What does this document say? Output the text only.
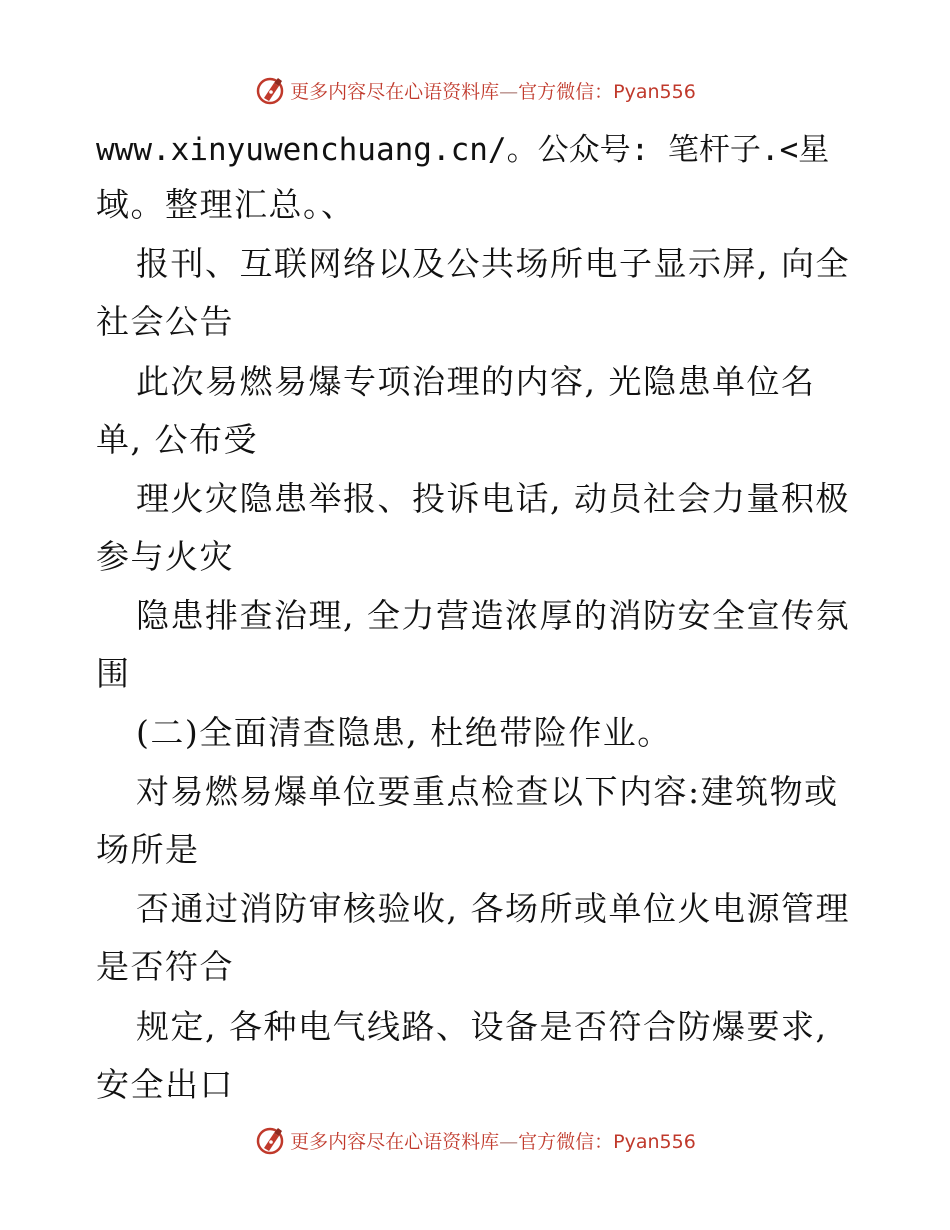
更多内容尽在心语资料库—官方微信：Pyan556
www.xinyuwenchuang.cn/。公众号: 笔杆子.<星
域。整理汇总。、
报刊、互联网络以及公共场所电子显示屏, 向全
社会公告
此次易燃易爆专项治理的内容, 光隐患单位名
单, 公布受
理火灾隐患举报、投诉电话, 动员社会力量积极
参与火灾
隐患排查治理, 全力营造浓厚的消防安全宣传氛
围
(二)全面清查隐患, 杜绝带险作业。
对易燃易爆单位要重点检查以下内容:建筑物或
场所是
否通过消防审核验收, 各场所或单位火电源管理
是否符合
规定, 各种电气线路、设备是否符合防爆要求,
安全出口
更多内容尽在心语资料库—官方微信：Pyan556
